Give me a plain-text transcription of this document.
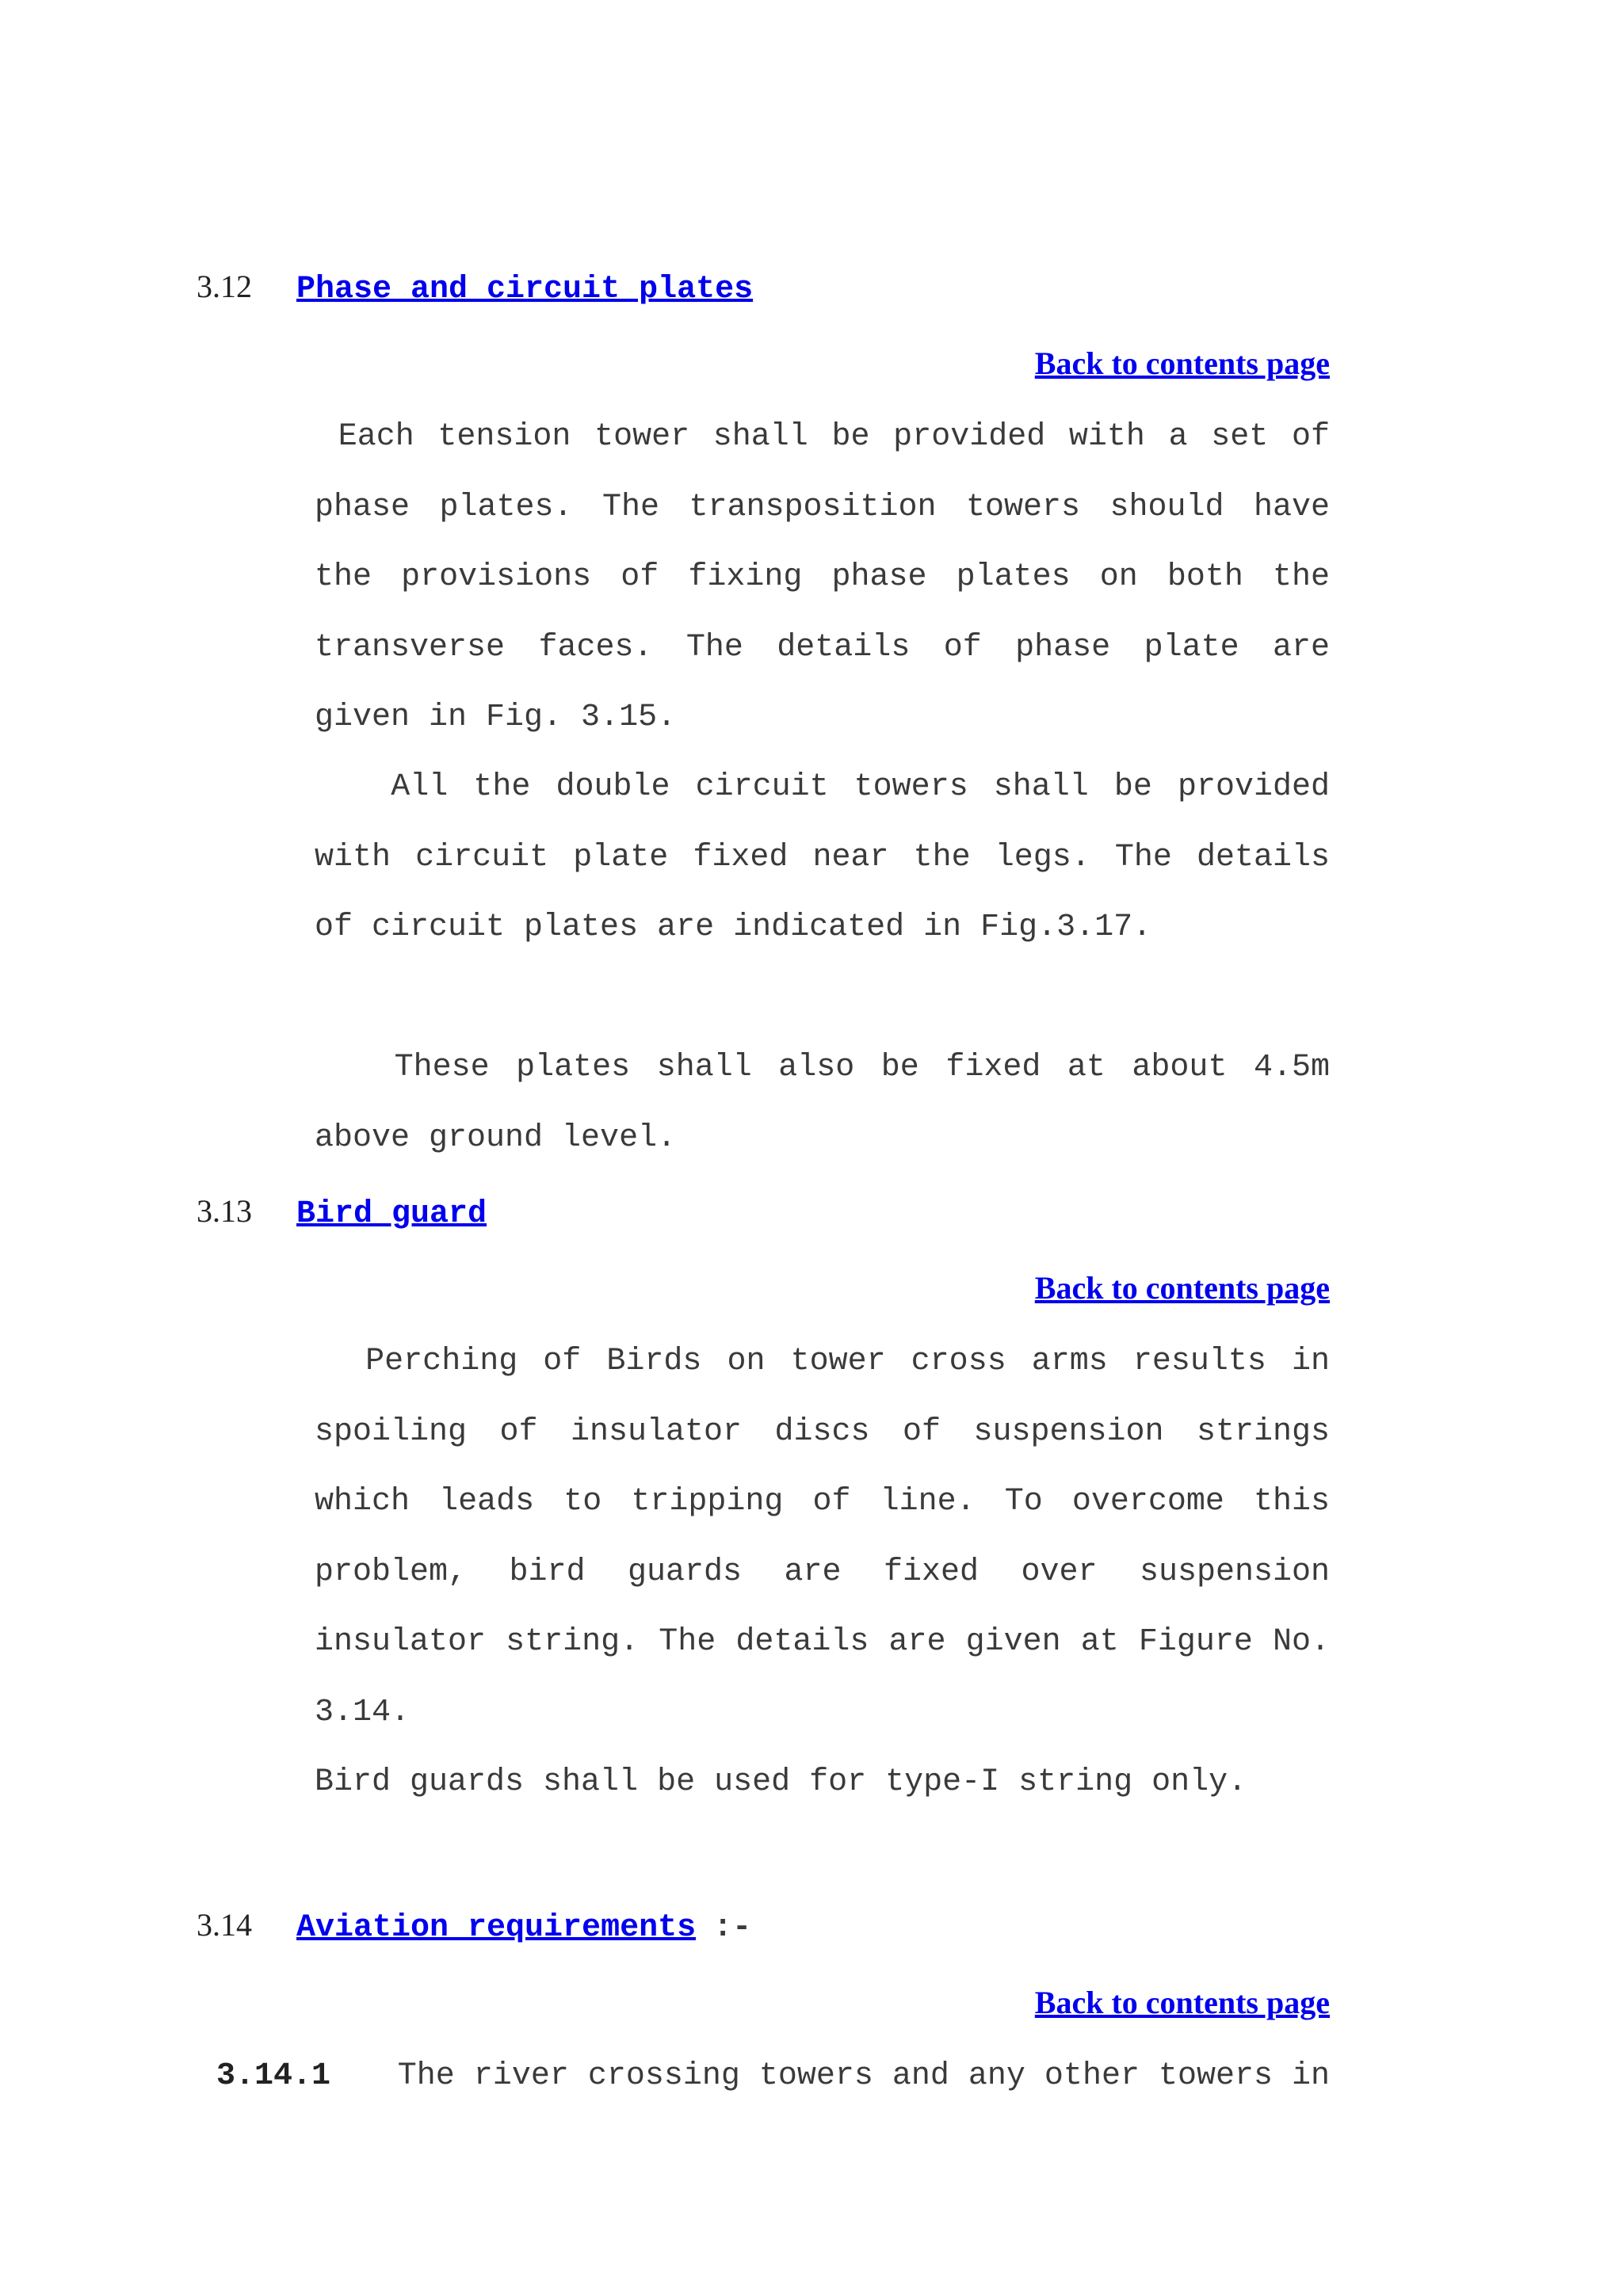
3.12	Phase and circuit plates
Back to contents page

Each tension tower shall be provided with a set of phase plates. The transposition towers should have the provisions of fixing phase plates on both the transverse faces. The details of phase plate are given in Fig. 3.15.

All the double circuit towers shall be provided with circuit plate fixed near the legs. The details of circuit plates are indicated in Fig.3.17.

These plates shall also be fixed at about 4.5m above ground level.

3.13	Bird guard
Back to contents page

Perching of Birds on tower cross arms results in spoiling of insulator discs of suspension strings which leads to tripping of line. To overcome this problem, bird guards are fixed over suspension insulator string. The details are given at Figure No. 3.14.

Bird guards shall be used for type-I string only.

3.14	Aviation requirements :-
Back to contents page
3.14.1 The river crossing towers and any other towers in
